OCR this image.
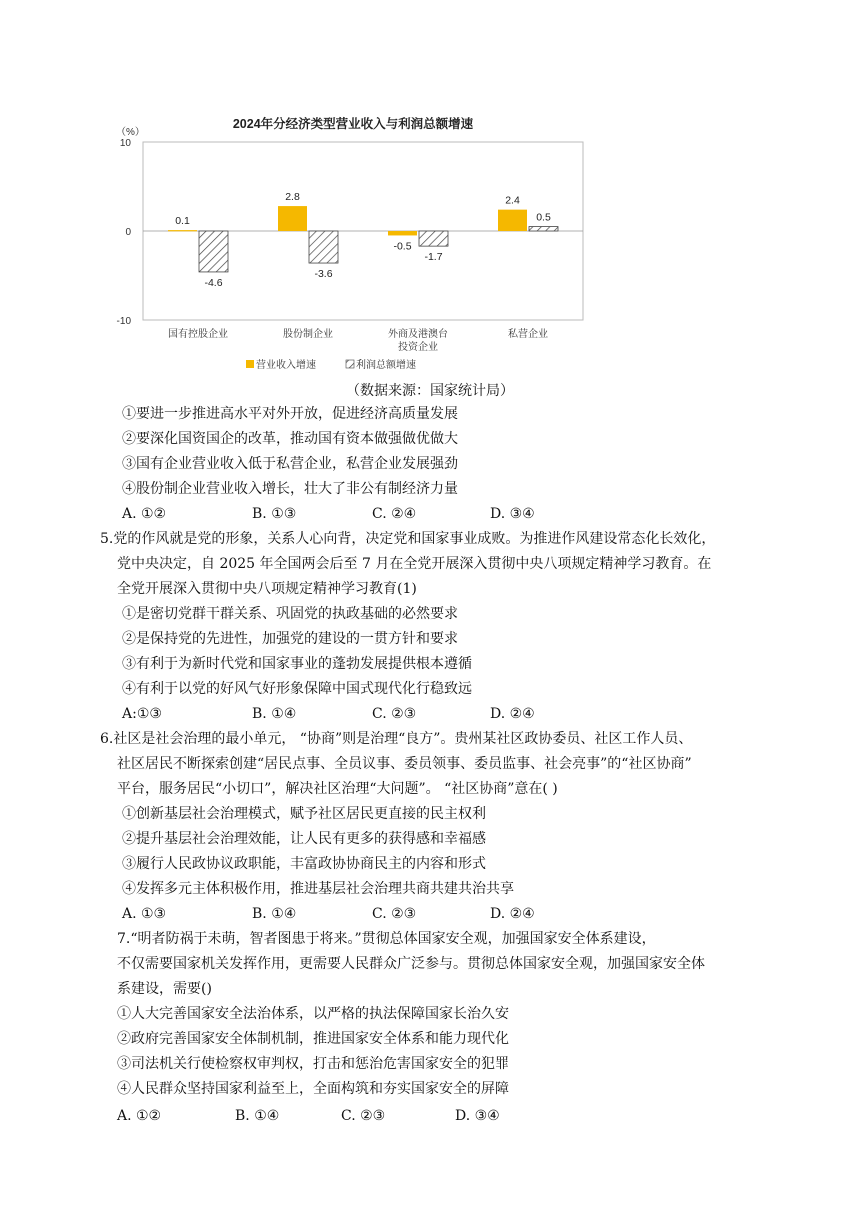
2024年分经济类型营业收入与利润总额增速
（%）
10
0
-10
0.1
-4.6
国有控股企业
2.8
-3.6
股份制企业
-0.5
-1.7
外商及港澳台
投资企业
2.4
0.5
私营企业
营业收入增速	利润总额增速
（数据来源：国家统计局）
①要进一步推进高水平对外开放，促进经济高质量发展
②要深化国资国企的改革，推动国有资本做强做优做大
③国有企业营业收入低于私营企业，私营企业发展强劲
④股份制企业营业收入增长，壮大了非公有制经济力量
A. ①②	B. ①③	C. ②④	D. ③④
5.党的作风就是党的形象，关系人心向背，决定党和国家事业成败。为推进作风建设常态化长效化，
党中央决定，自 2025 年全国两会后至 7 月在全党开展深入贯彻中央八项规定精神学习教育。在
全党开展深入贯彻中央八项规定精神学习教育(1)
①是密切党群干群关系、巩固党的执政基础的必然要求
②是保持党的先进性，加强党的建设的一贯方针和要求
③有利于为新时代党和国家事业的蓬勃发展提供根本遵循
④有利于以党的好风气好形象保障中国式现代化行稳致远
A:①③	B. ①④	C. ②③	D. ②④
6.社区是社会治理的最小单元， “协商”则是治理“良方”。贵州某社区政协委员、社区工作人员、
社区居民不断探索创建“居民点事、全员议事、委员领事、委员监事、社会亮事”的“社区协商”
平台，服务居民“小切口”，解决社区治理“大问题”。 “社区协商”意在( )
①创新基层社会治理模式，赋予社区居民更直接的民主权利
②提升基层社会治理效能，让人民有更多的获得感和幸福感
③履行人民政协议政职能，丰富政协协商民主的内容和形式
④发挥多元主体积极作用，推进基层社会治理共商共建共治共享
A. ①③	B. ①④	C. ②③	D. ②④
7.“明者防祸于未萌，智者图患于将来。”贯彻总体国家安全观，加强国家安全体系建设，
不仅需要国家机关发挥作用，更需要人民群众广泛参与。贯彻总体国家安全观，加强国家安全体
系建设，需要()
①人大完善国家安全法治体系，以严格的执法保障国家长治久安
②政府完善国家安全体制机制，推进国家安全体系和能力现代化
③司法机关行使检察权审判权，打击和惩治危害国家安全的犯罪
④人民群众坚持国家利益至上，全面构筑和夯实国家安全的屏障
A. ①②	B. ①④	C. ②③	D. ③④
